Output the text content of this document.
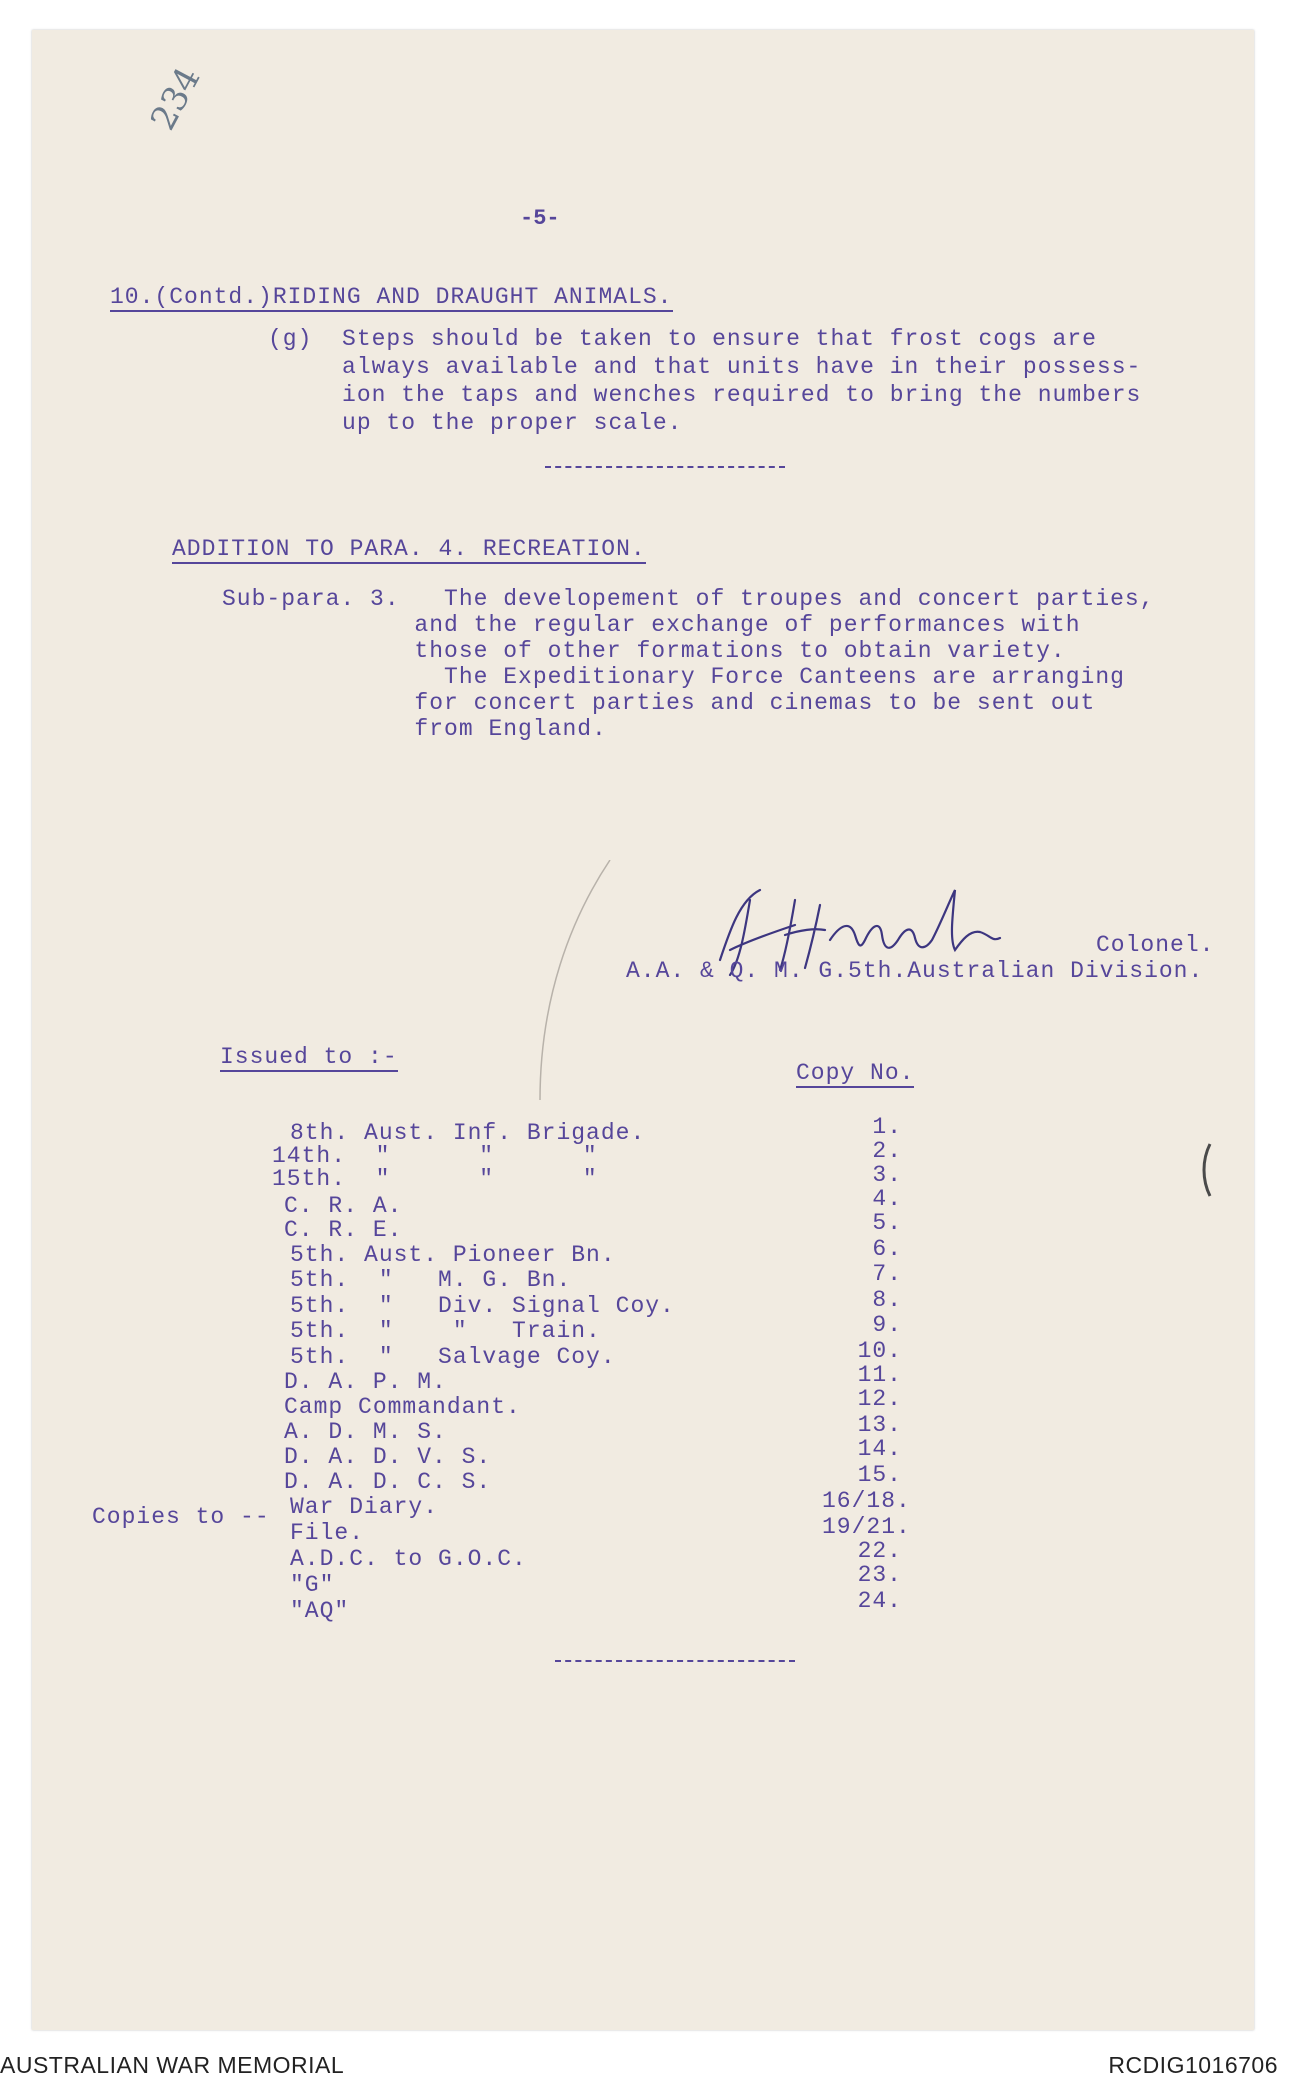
234
-5-
10.(Contd.)RIDING AND DRAUGHT ANIMALS.
(g)  Steps should be taken to ensure that frost cogs are
always available and that units have in their possess-
ion the taps and wenches required to bring the numbers
up to the proper scale.
ADDITION TO PARA. 4. RECREATION.
Sub-para. 3.   The developement of troupes and concert parties,
and the regular exchange of performances with
those of other formations to obtain variety.
The Expeditionary Force Canteens are arranging
for concert parties and cinemas to be sent out
from England.
Colonel.
A.A. & Q. M. G.5th.Australian Division.
Issued to :-
Copy No.
Copies to --
8th. Aust. Inf. Brigade.	1.
14th.  "      "      "	2.
15th.  "      "      "	3.
C. R. A.	4.
C. R. E.	5.
5th. Aust. Pioneer Bn.	6.
5th.  "   M. G. Bn.	7.
5th.  "   Div. Signal Coy.	8.
5th.  "    "   Train.	9.
5th.  "   Salvage Coy.	10.
D. A. P. M.	11.
Camp Commandant.	12.
A. D. M. S.	13.
D. A. D. V. S.	14.
D. A. D. C. S.	15.
War Diary.	16/18.
File.	19/21.
A.D.C. to G.O.C.	22.
"G"	23.
"AQ"	24.
AUSTRALIAN WAR MEMORIAL	RCDIG1016706
